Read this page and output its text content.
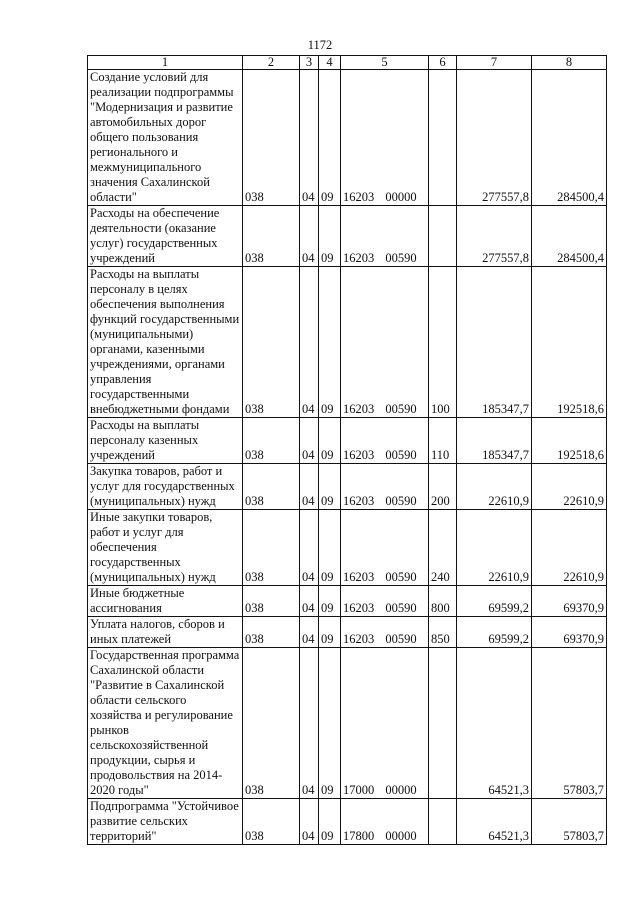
1172
1	2	3	4	5	6	7	8
Создание условий для реализации подпрограммы "Модернизация и развитие автомобильных дорог общего пользования регионального и межмуниципального значения Сахалинской области"	038	04	09	16203 00000		277557,8	284500,4
Расходы на обеспечение деятельности (оказание услуг) государственных учреждений	038	04	09	16203 00590		277557,8	284500,4
Расходы на выплаты персоналу в целях обеспечения выполнения функций государственными (муниципальными) органами, казенными учреждениями, органами управления государственными внебюджетными фондами	038	04	09	16203 00590	100	185347,7	192518,6
Расходы на выплаты персоналу казенных учреждений	038	04	09	16203 00590	110	185347,7	192518,6
Закупка товаров, работ и услуг для государственных (муниципальных) нужд	038	04	09	16203 00590	200	22610,9	22610,9
Иные закупки товаров, работ и услуг для обеспечения государственных (муниципальных) нужд	038	04	09	16203 00590	240	22610,9	22610,9
Иные бюджетные ассигнования	038	04	09	16203 00590	800	69599,2	69370,9
Уплата налогов, сборов и иных платежей	038	04	09	16203 00590	850	69599,2	69370,9
Государственная программа Сахалинской области "Развитие в Сахалинской области сельского хозяйства и регулирование рынков сельскохозяйственной продукции, сырья и продовольствия на 2014-2020 годы"	038	04	09	17000 00000		64521,3	57803,7
Подпрограмма "Устойчивое развитие сельских территорий"	038	04	09	17800 00000		64521,3	57803,7
